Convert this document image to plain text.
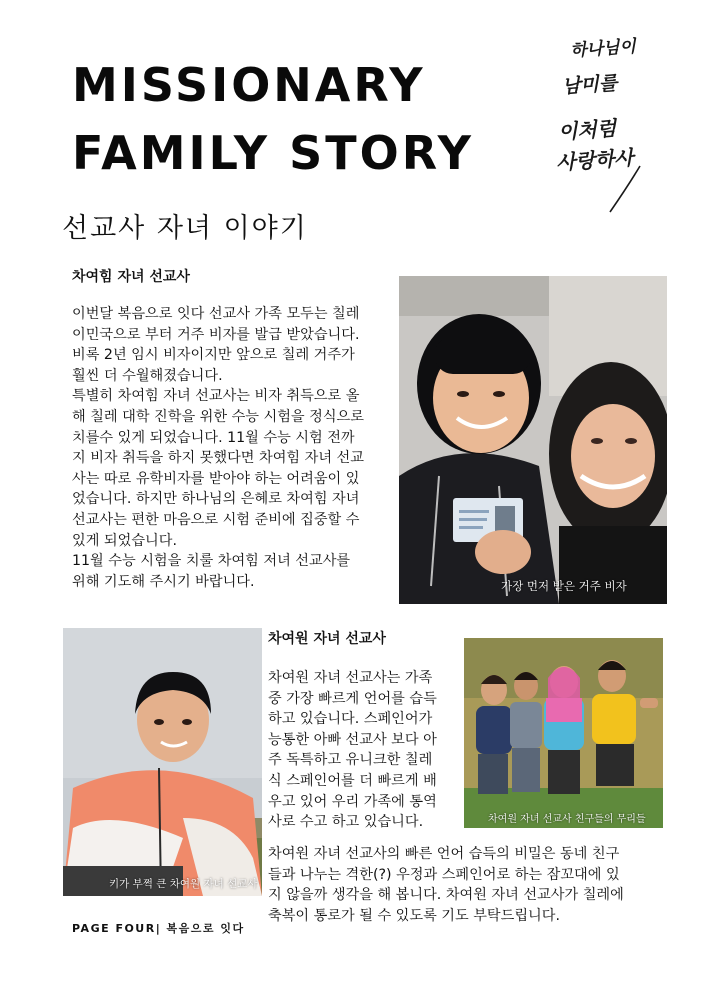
MISSIONARY
FAMILY STORY
선교사 자녀 이야기
하나님이
남미를
이처럼
사랑하사
차여힘 자녀 선교사
이번달 복음으로 잇다 선교사 가족 모두는 칠레
이민국으로 부터 거주 비자를 발급 받았습니다.
비록 2년 임시 비자이지만 앞으로 칠레 거주가
훨씬 더 수월해졌습니다.
특별히 차여힘 자녀 선교사는 비자 취득으로 올
해 칠레 대학 진학을 위한 수능 시험을 정식으로
치를수 있게 되었습니다. 11월 수능 시험 전까
지 비자 취득을 하지 못했다면 차여힘 자녀 선교
사는 따로 유학비자를 받아야 하는 어려움이 있
었습니다. 하지만 하나님의 은혜로 차여힘 자녀
선교사는 편한 마음으로 시험 준비에 집중할 수
있게 되었습니다.
11월 수능 시험을 치룰 차여힘 저녀 선교사를
위해 기도해 주시기 바랍니다.	가장 먼저 받은 거주 비자
키가 부쩍 큰 차여원 자녀 선교사
차여원 자녀 선교사
차여원 자녀 선교사는 가족
중 가장 빠르게 언어를 습득
하고 있습니다. 스페인어가
능통한 아빠 선교사 보다 아
주 독특하고 유니크한 칠레
식 스페인어를 더 빠르게 배
우고 있어 우리 가족에 통역
사로 수고 하고 있습니다.	차여원 자녀 선교사 친구들의 무리들
차여원 자녀 선교사의 빠른 언어 습득의 비밀은 동네 친구
들과 나누는 격한(?) 우정과 스페인어로 하는 잠꼬대에 있
지 않을까 생각을 해 봅니다. 차여원 자녀 선교사가 칠레에
축복이 통로가 될 수 있도록 기도 부탁드립니다.
PAGE FOUR| 복음으로 잇다
